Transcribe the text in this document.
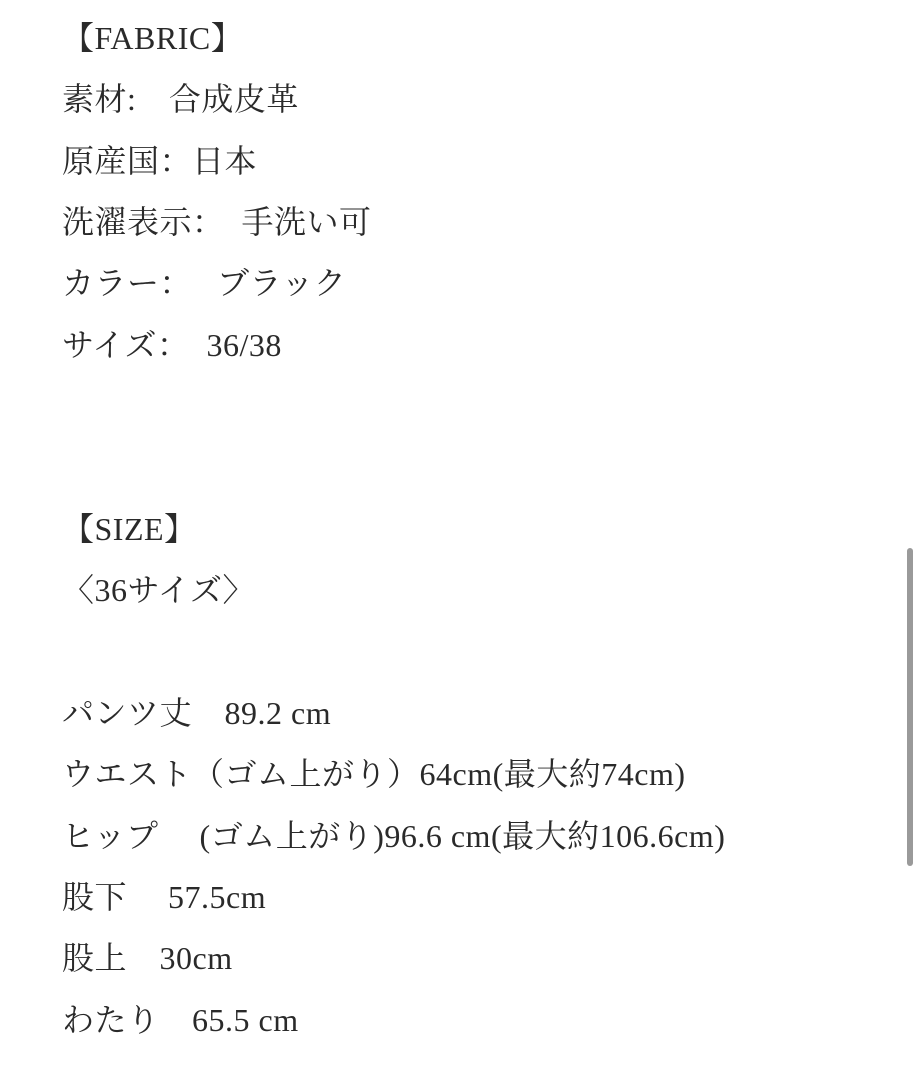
【FABRIC】
素材:　合成皮革
原産国：日本
洗濯表示：  手洗い可
カラー：　 ブラック
サイズ：  36/38
【SIZE】
〈36サイズ〉
パンツ丈　89.2 cm
ウエスト（ゴム上がり）64cm(最大約74cm)
ヒップ　 (ゴム上がり)96.6 cm(最大約106.6cm)
股下　 57.5cm
股上　30cm
わたり　65.5 cm
